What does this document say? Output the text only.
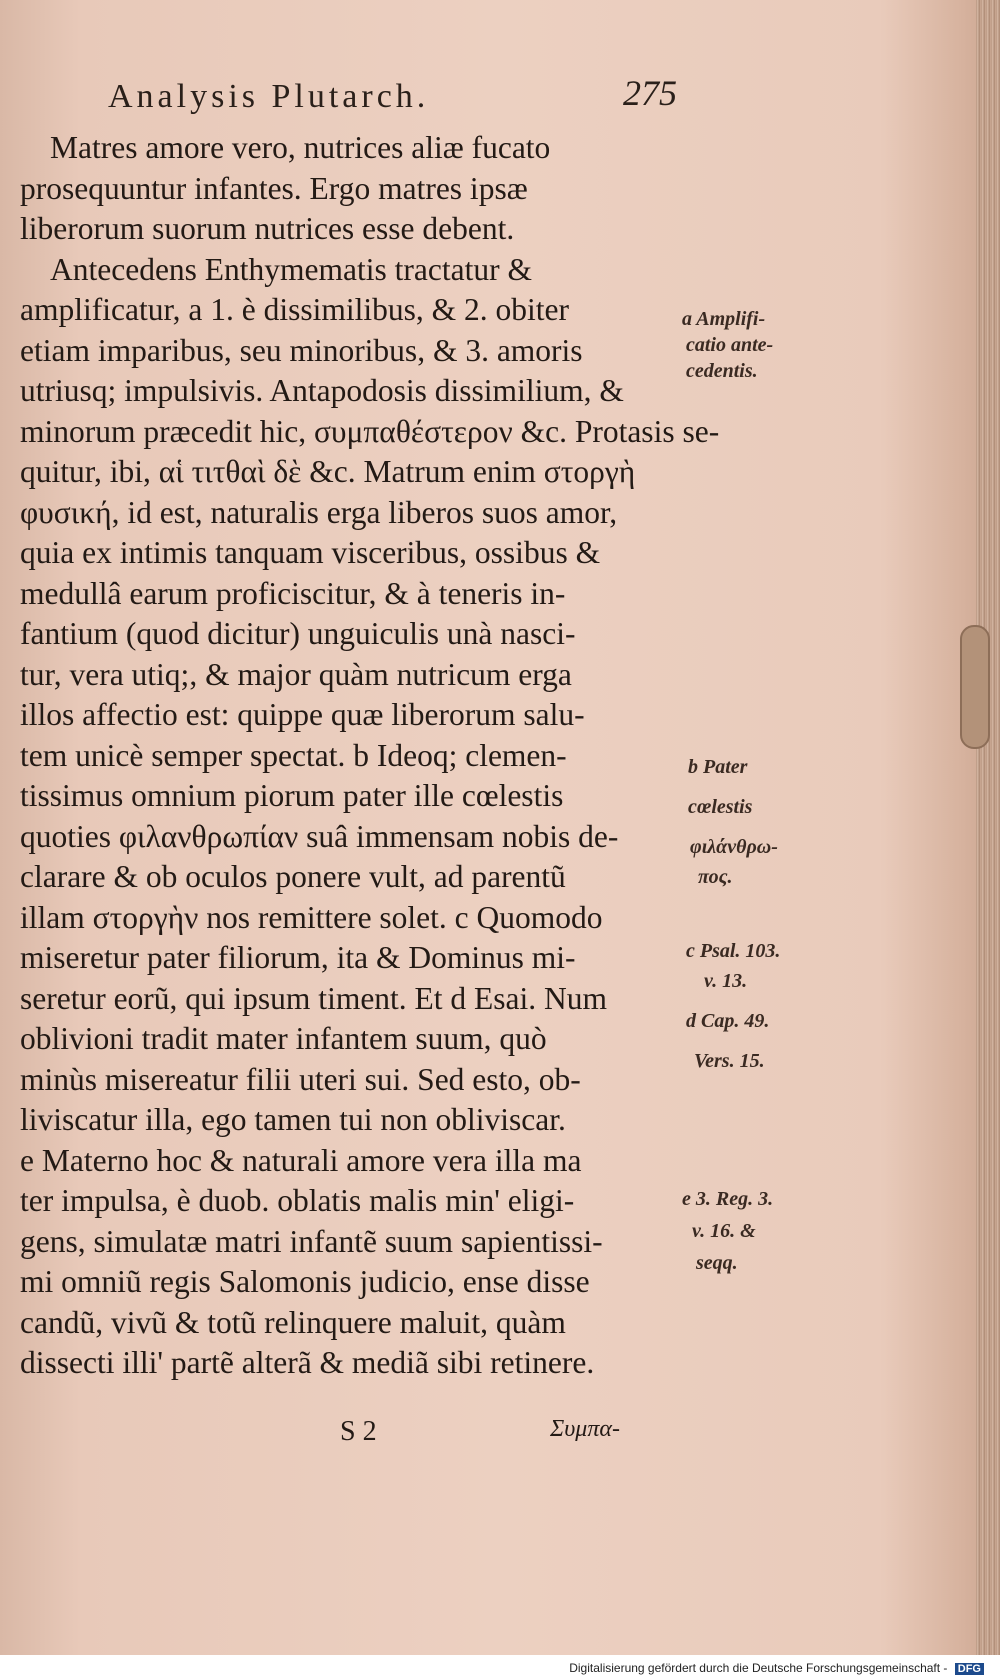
Analysis Plutarch.	275
Matres amore vero, nutrices aliæ fucato
prosequuntur infantes. Ergo matres ipsæ
liberorum suorum nutrices esse debent.
Antecedens Enthymematis tractatur &
amplificatur, a 1. è dissimilibus, & 2. obiter
etiam imparibus, seu minoribus, & 3. amoris
utriusq; impulsivis. Antapodosis dissimilium, &
minorum præcedit hic, συμπαθέστερον &c. Protasis se-
quitur, ibi, αἱ τιτθαὶ δὲ &c. Matrum enim στοργὴ
φυσική, id est, naturalis erga liberos suos amor,
quia ex intimis tanquam visceribus, ossibus &
medullâ earum proficiscitur, & à teneris in-
fantium (quod dicitur) unguiculis unà nasci-
tur, vera utiq;, & major quàm nutricum erga
illos affectio est: quippe quæ liberorum salu-
tem unicè semper spectat. b Ideoq; clemen-
tissimus omnium piorum pater ille cœlestis
quoties φιλανθρωπίαν suâ immensam nobis de-
clarare & ob oculos ponere vult, ad parentũ
illam στοργὴν nos remittere solet. c Quomodo
miseretur pater filiorum, ita & Dominus mi-
seretur eorũ, qui ipsum timent. Et d Esai. Num
oblivioni tradit mater infantem suum, quò
minùs misereatur filii uteri sui. Sed esto, ob-
liviscatur illa, ego tamen tui non obliviscar.
e Materno hoc & naturali amore vera illa ma
ter impulsa, è duob. oblatis malis min' eligi-
gens, simulatæ matri infantẽ suum sapientissi-
mi omniũ regis Salomonis judicio, ense disse
candũ, vivũ & totũ relinquere maluit, quàm
dissecti illi' partẽ alterã & mediã sibi retinere.
a Amplifi-
catio ante-
cedentis.
b Pater
cœlestis
φιλάνθρω-
πος.
c Psal. 103.
v. 13.
d Cap. 49.
Vers. 15.
e 3. Reg. 3.
v. 16. &
seqq.
S 2	Συμπα-
Digitalisierung gefördert durch die Deutsche Forschungsgemeinschaft - DFG
